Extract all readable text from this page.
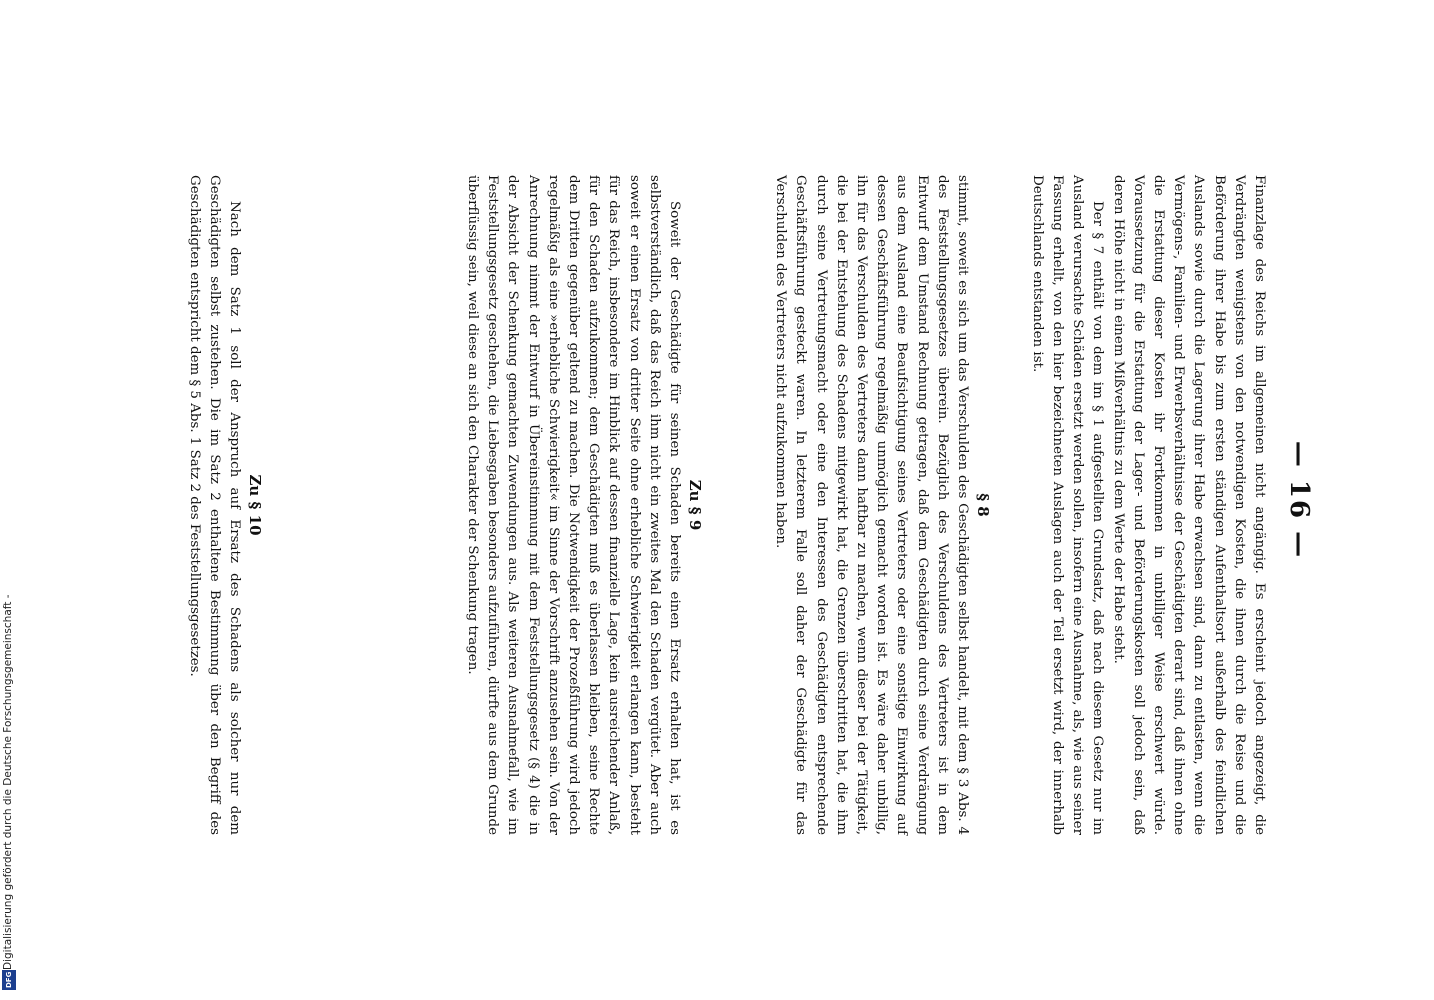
— 16 —

Finanzlage des Reichs im allgemeinen nicht angängig. Es erscheint jedoch angezeigt, die Verdrängten wenigstens von den notwendigen Kosten, die ihnen durch die Reise und die Beförderung ihrer Habe bis zum ersten ständigen Aufenthaltsort außerhalb des feindlichen Auslands sowie durch die Lagerung ihrer Habe erwachsen sind, dann zu entlasten, wenn die Vermögens-, Familien- und Erwerbsverhältnisse der Geschädigten derart sind, daß ihnen ohne die Erstattung dieser Kosten ihr Fortkommen in unbilliger Weise erschwert würde. Voraussetzung für die Erstattung der Lager- und Beförderungskosten soll jedoch sein, daß deren Höhe nicht in einem Mißverhältnis zu dem Werte der Habe steht.

Der § 7 enthält von dem im § 1 aufgestellten Grundsatz, daß nach diesem Gesetz nur im Ausland verursachte Schäden ersetzt werden sollen, insofern eine Ausnahme, als, wie aus seiner Fassung erhellt, von den hier bezeichneten Auslagen auch der Teil ersetzt wird, der innerhalb Deutschlands entstanden ist.

§ 8

stimmt, soweit es sich um das Verschulden des Geschädigten selbst handelt, mit dem § 3 Abs. 4 des Feststellungsgesetzes überein. Bezüglich des Verschuldens des Vertreters ist in dem Entwurf dem Umstand Rechnung getragen, daß dem Geschädigten durch seine Verdrängung aus dem Ausland eine Beaufsichtigung seines Vertreters oder eine sonstige Einwirkung auf dessen Geschäftsführung regelmäßig unmöglich gemacht worden ist. Es wäre daher unbillig, ihn für das Verschulden des Vertreters dann haftbar zu machen, wenn dieser bei der Tätigkeit, die bei der Entstehung des Schadens mitgewirkt hat, die Grenzen überschritten hat, die ihm durch seine Vertretungsmacht oder eine den Interessen des Geschädigten entsprechende Geschäftsführung gesteckt waren. In letzterem Falle soll daher der Geschädigte für das Verschulden des Vertreters nicht aufzukommen haben.

Zu § 9

Soweit der Geschädigte für seinen Schaden bereits einen Ersatz erhalten hat, ist es selbstverständlich, daß das Reich ihm nicht ein zweites Mal den Schaden vergütet. Aber auch soweit er einen Ersatz von dritter Seite ohne erhebliche Schwierigkeit erlangen kann, besteht für das Reich, insbesondere im Hinblick auf dessen finanzielle Lage, kein ausreichender Anlaß, für den Schaden aufzukommen; dem Geschädigten muß es überlassen bleiben, seine Rechte dem Dritten gegenüber geltend zu machen. Die Notwendigkeit der Prozeßführung wird jedoch regelmäßig als eine »erhebliche Schwierigkeit« im Sinne der Vorschrift anzusehen sein. Von der Anrechnung nimmt der Entwurf in Übereinstimmung mit dem Feststellungsgesetz (§ 4) die in der Absicht der Schenkung gemachten Zuwendungen aus. Als weiteren Ausnahmefall, wie im Feststellungsgesetz geschehen, die Liebesgaben besonders aufzuführen, dürfte aus dem Grunde überflüssig sein, weil diese an sich den Charakter der Schenkung tragen.

Zu § 10

Nach dem Satz 1 soll der Anspruch auf Ersatz des Schadens als solcher nur dem Geschädigten selbst zustehen. Die im Satz 2 enthaltene Bestimmung über den Begriff des Geschädigten entspricht dem § 5 Abs. 1 Satz 2 des Feststellungsgesetzes.

Digitalisierung gefördert durch die Deutsche Forschungsgemeinschaft -
DFG
